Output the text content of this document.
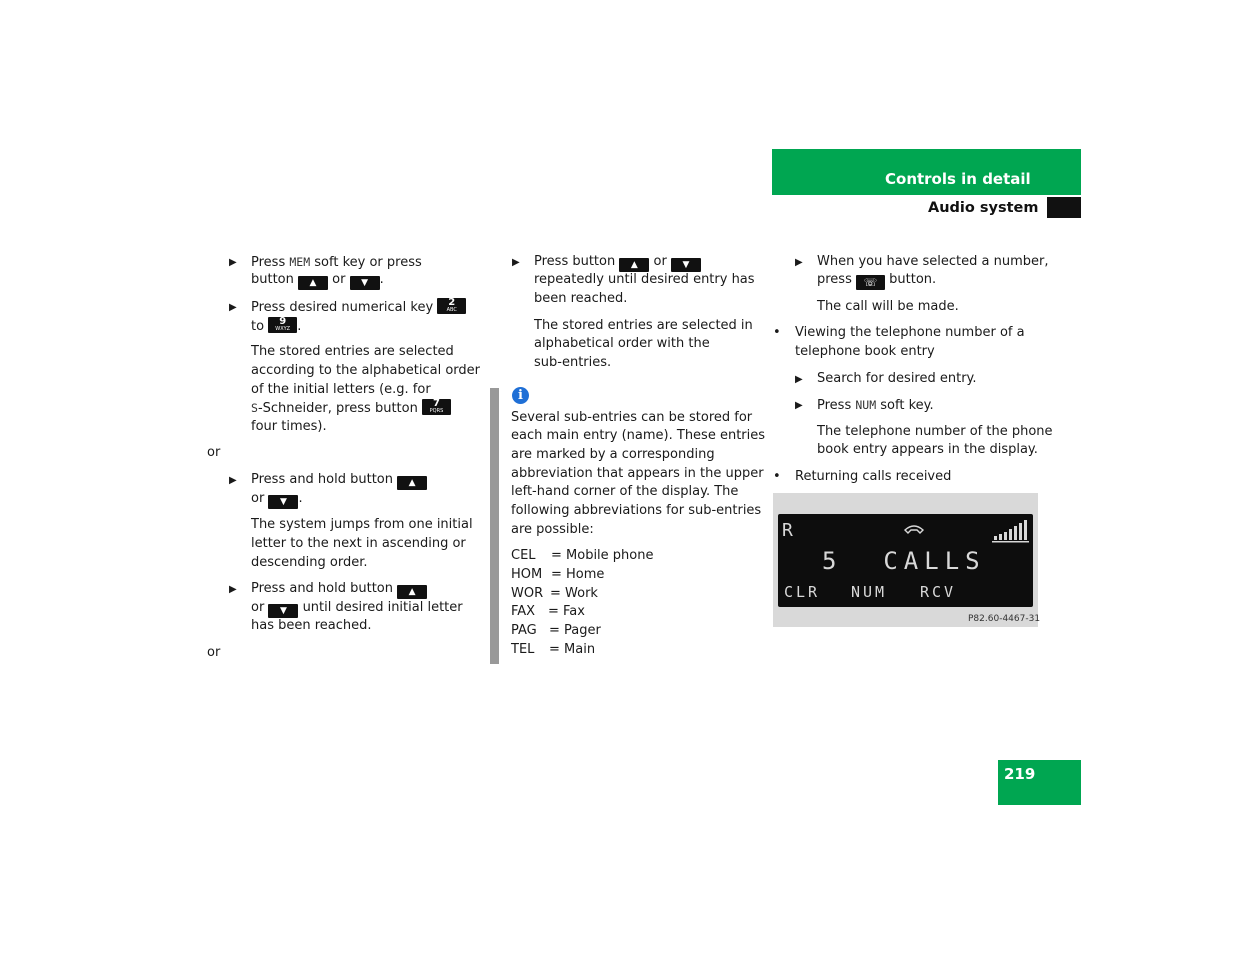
Controls in detail
Audio system
▶ Press MEM soft key or press
button ▲ or ▼ .
▶ Press desired numerical key	2
ABC
to	9
WXYZ .
The stored entries are selected
according to the alphabetical order
of the initial letters (e.g. for
S-Schneider, press button	7
PQRS
four times).
or
▶ Press and hold button ▲
or ▼ .
The system jumps from one initial
letter to the next in ascending or
descending order.
▶ Press and hold button ▲
or ▼ until desired initial letter
has been reached.
or
▶ Press button ▲ or ▼
repeatedly until desired entry has
been reached.
The stored entries are selected in
alphabetical order with the
sub-entries.
i
Several sub-entries can be stored for
each main entry (name). These entries
are marked by a corresponding
abbreviation that appears in the upper
left-hand corner of the display. The
following abbreviations for sub-entries
are possible:
CEL = Mobile phone
HOM = Home
WOR = Work
FAX = Fax
PAG = Pager
TEL = Main
▶ When you have selected a number,
press ☏ button.
The call will be made.
• Viewing the telephone number of a
telephone book entry
▶ Search for desired entry.
▶ Press NUM soft key.
The telephone number of the phone
book entry appears in the display.
• Returning calls received
R
5  CALLS
CLR NUM RCV
P82.60-4467-31
219
